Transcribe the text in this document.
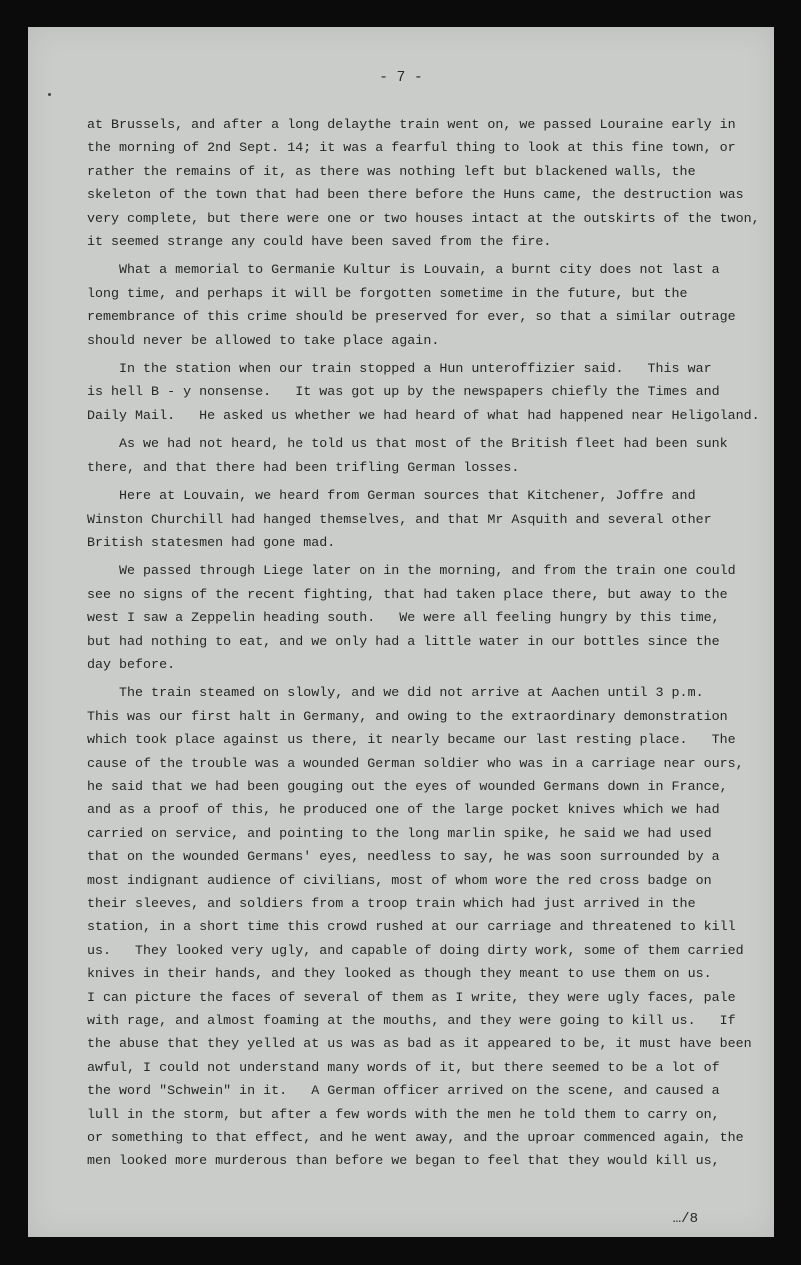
- 7 -
at Brussels, and after a long delaythe train went on, we passed Louraine early in
the morning of 2nd Sept. 14; it was a fearful thing to look at this fine town, or
rather the remains of it, as there was nothing left but blackened walls, the
skeleton of the town that had been there before the Huns came, the destruction was
very complete, but there were one or two houses intact at the outskirts of the twon,
it seemed strange any could have been saved from the fire.
What a memorial to Germanie Kultur is Louvain, a burnt city does not last a
long time, and perhaps it will be forgotten sometime in the future, but the
remembrance of this crime should be preserved for ever, so that a similar outrage
should never be allowed to take place again.
In the station when our train stopped a Hun unteroffizier said.   This war
is hell B - y nonsense.   It was got up by the newspapers chiefly the Times and
Daily Mail.   He asked us whether we had heard of what had happened near Heligoland.
As we had not heard, he told us that most of the British fleet had been sunk
there, and that there had been trifling German losses.
Here at Louvain, we heard from German sources that Kitchener, Joffre and
Winston Churchill had hanged themselves, and that Mr Asquith and several other
British statesmen had gone mad.
We passed through Liege later on in the morning, and from the train one could
see no signs of the recent fighting, that had taken place there, but away to the
west I saw a Zeppelin heading south.   We were all feeling hungry by this time,
but had nothing to eat, and we only had a little water in our bottles since the
day before.
The train steamed on slowly, and we did not arrive at Aachen until 3 p.m.
This was our first halt in Germany, and owing to the extraordinary demonstration
which took place against us there, it nearly became our last resting place.   The
cause of the trouble was a wounded German soldier who was in a carriage near ours,
he said that we had been gouging out the eyes of wounded Germans down in France,
and as a proof of this, he produced one of the large pocket knives which we had
carried on service, and pointing to the long marlin spike, he said we had used
that on the wounded Germans' eyes, needless to say, he was soon surrounded by a
most indignant audience of civilians, most of whom wore the red cross badge on
their sleeves, and soldiers from a troop train which had just arrived in the
station, in a short time this crowd rushed at our carriage and threatened to kill
us.   They looked very ugly, and capable of doing dirty work, some of them carried
knives in their hands, and they looked as though they meant to use them on us.
I can picture the faces of several of them as I write, they were ugly faces, pale
with rage, and almost foaming at the mouths, and they were going to kill us.   If
the abuse that they yelled at us was as bad as it appeared to be, it must have been
awful, I could not understand many words of it, but there seemed to be a lot of
the word "Schwein" in it.   A German officer arrived on the scene, and caused a
lull in the storm, but after a few words with the men he told them to carry on,
or something to that effect, and he went away, and the uproar commenced again, the
men looked more murderous than before we began to feel that they would kill us,
…/8
